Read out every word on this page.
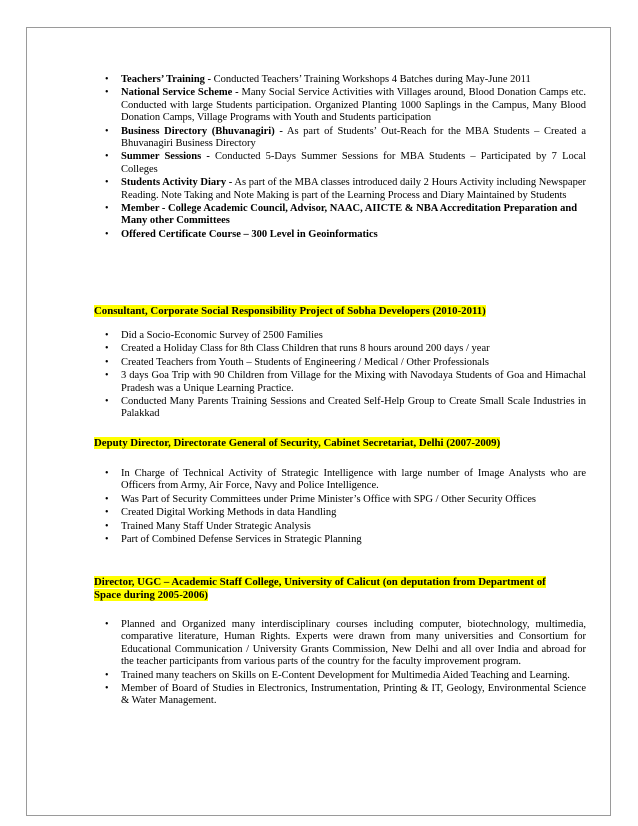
• Teachers’ Training - Conducted Teachers’ Training Workshops 4 Batches during May-June 2011
• National Service Scheme - Many Social Service Activities with Villages around, Blood Donation Camps etc. Conducted with large Students participation. Organized Planting 1000 Saplings in the Campus, Many Blood Donation Camps, Village Programs with Youth and Students participation
• Business Directory (Bhuvanagiri) - As part of Students’ Out-Reach for the MBA Students – Created a Bhuvanagiri Business Directory
• Summer Sessions - Conducted 5-Days Summer Sessions for MBA Students – Participated by 7 Local Colleges
• Students Activity Diary - As part of the MBA classes introduced daily 2 Hours Activity including Newspaper Reading. Note Taking and Note Making is part of the Learning Process and Diary Maintained by Students
• Member - College Academic Council, Advisor, NAAC, AIICTE & NBA Accreditation Preparation and Many other Committees
• Offered Certificate Course – 300 Level in Geoinformatics
Consultant, Corporate Social Responsibility Project of Sobha Developers (2010-2011)
• Did a Socio-Economic Survey of 2500 Families
• Created a Holiday Class for 8th Class Children that runs 8 hours around 200 days / year
• Created Teachers from Youth – Students of Engineering / Medical / Other Professionals
• 3 days Goa Trip with 90 Children from Village for the Mixing with Navodaya Students of Goa and Himachal Pradesh was a Unique Learning Practice.
• Conducted Many Parents Training Sessions and Created Self-Help Group to Create Small Scale Industries in Palakkad
Deputy Director, Directorate General of Security, Cabinet Secretariat, Delhi (2007-2009)
• In Charge of Technical Activity of Strategic Intelligence with large number of Image Analysts who are Officers from Army, Air Force, Navy and Police Intelligence.
• Was Part of Security Committees under Prime Minister’s Office with SPG / Other Security Offices
• Created Digital Working Methods in data Handling
• Trained Many Staff Under Strategic Analysis
• Part of Combined Defense Services in Strategic Planning
Director, UGC – Academic Staff College, University of Calicut (on deputation from Department of
Space during 2005-2006)
• Planned and Organized many interdisciplinary courses including computer, biotechnology, multimedia, comparative literature, Human Rights. Experts were drawn from many universities and Consortium for Educational Communication / University Grants Commission, New Delhi and all over India and abroad for the teacher participants from various parts of the country for the faculty improvement program.
• Trained many teachers on Skills on E-Content Development for Multimedia Aided Teaching and Learning.
• Member of Board of Studies in Electronics, Instrumentation, Printing & IT, Geology, Environmental Science & Water Management.
